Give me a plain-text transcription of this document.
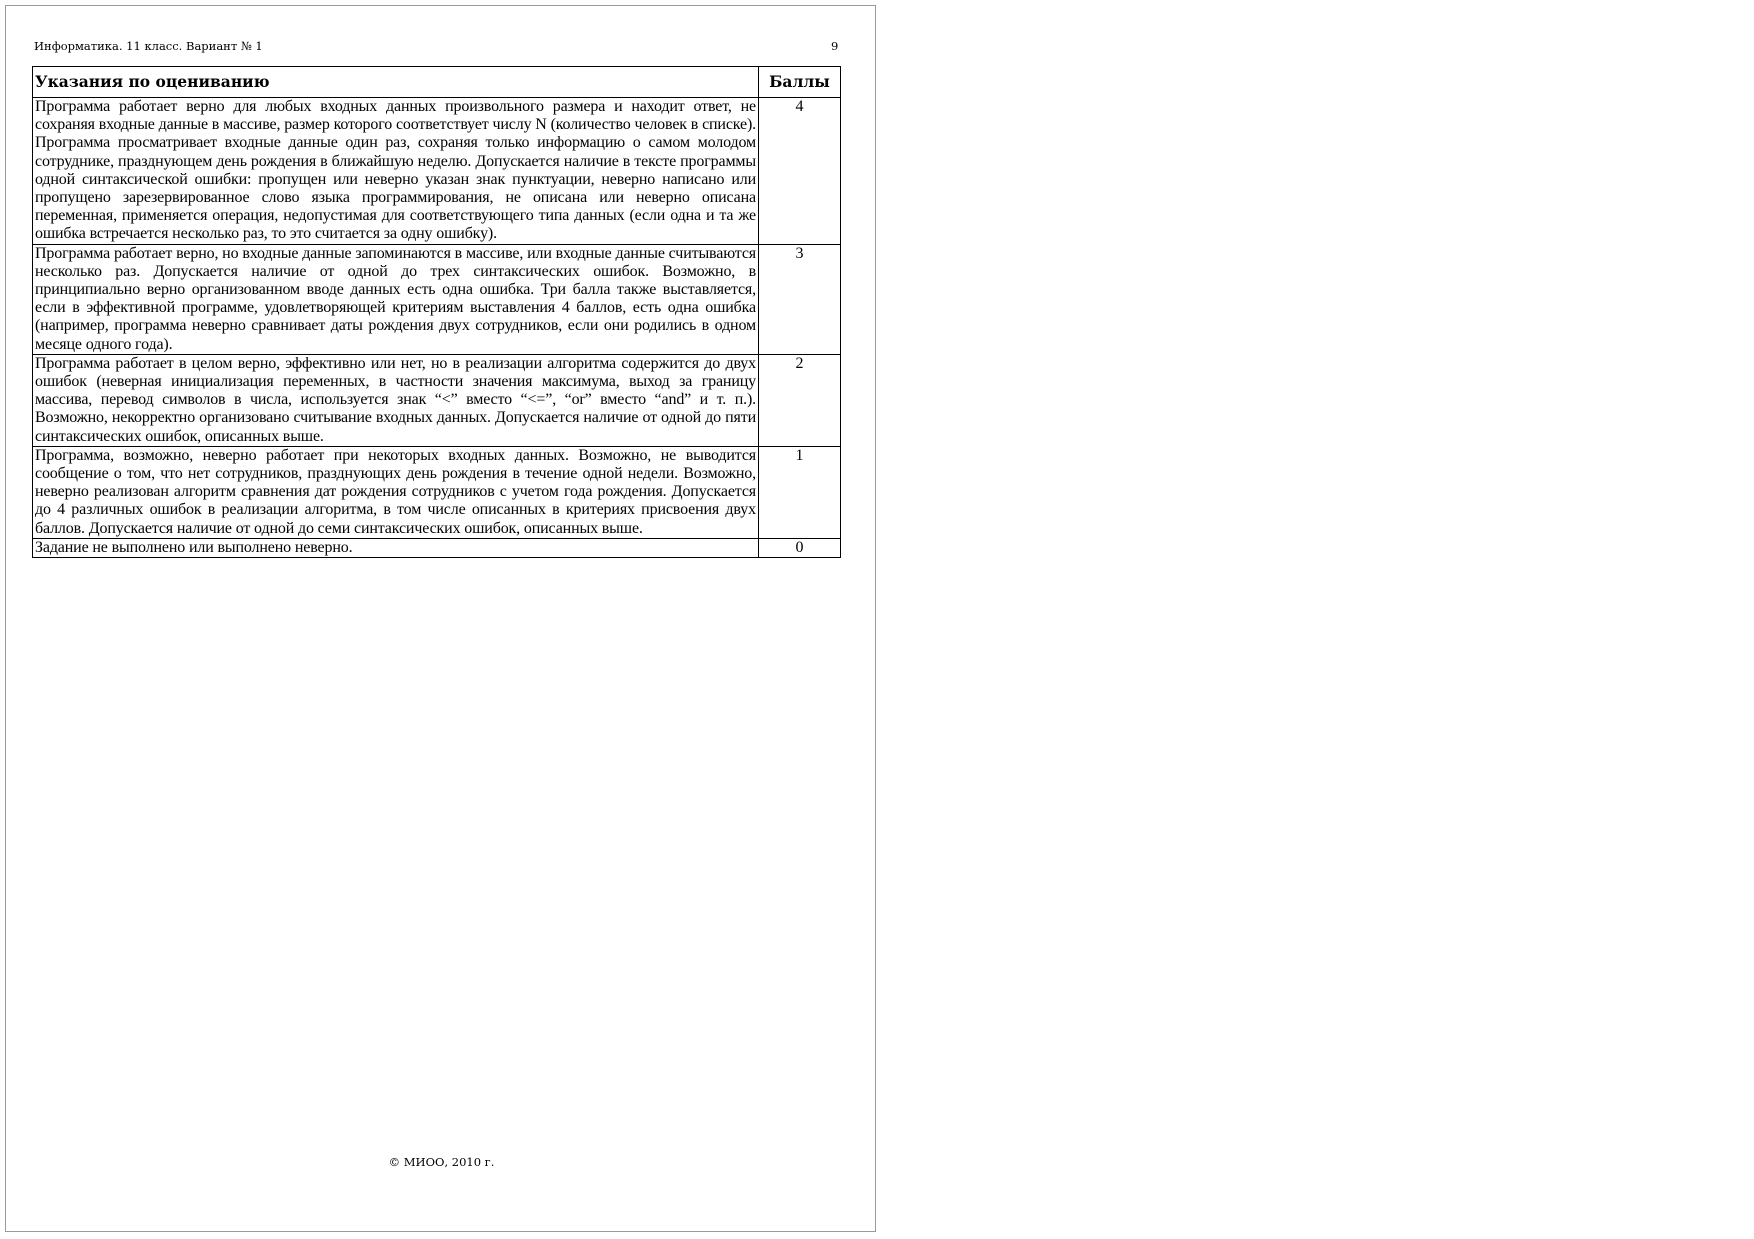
Информатика. 11 класс. Вариант № 1	9
Указания по оцениванию	Баллы
Программа работает верно для любых входных данных произвольного размера и находит ответ, не сохраняя входные данные в массиве, размер которого соответствует числу N (количество человек в списке). Программа просматривает входные данные один раз, сохраняя только информацию о самом молодом сотруднике, празднующем день рождения в ближайшую неделю. Допускается наличие в тексте программы одной синтаксической ошибки: пропущен или неверно указан знак пунктуации, неверно написано или пропущено зарезервированное слово языка программирования, не описана или неверно описана переменная, применяется операция, недопустимая для соответствующего типа данных (если одна и та же ошибка встречается несколько раз, то это считается за одну ошибку).	4
Программа работает верно, но входные данные запоминаются в массиве, или входные данные считываются несколько раз. Допускается наличие от одной до трех синтаксических ошибок. Возможно, в принципиально верно организованном вводе данных есть одна ошибка. Три балла также выставляется, если в эффективной программе, удовлетворяющей критериям выставления 4 баллов, есть одна ошибка (например, программа неверно сравнивает даты рождения двух сотрудников, если они родились в одном месяце одного года).	3
Программа работает в целом верно, эффективно или нет, но в реализации алгоритма содержится до двух ошибок (неверная инициализация переменных, в частности значения максимума, выход за границу массива, перевод символов в числа, используется знак “<” вместо “<=”, “or” вместо “and” и т. п.). Возможно, некорректно организовано считывание входных данных. Допускается наличие от одной до пяти синтаксических ошибок, описанных выше.	2
Программа, возможно, неверно работает при некоторых входных данных. Возможно, не выводится сообщение о том, что нет сотрудников, празднующих день рождения в течение одной недели. Возможно, неверно реализован алгоритм сравнения дат рождения сотрудников с учетом года рождения. Допускается до 4 различных ошибок в реализации алгоритма, в том числе описанных в критериях присвоения двух баллов. Допускается наличие от одной до семи синтаксических ошибок, описанных выше.	1
Задание не выполнено или выполнено неверно.	0
© МИОО, 2010 г.
